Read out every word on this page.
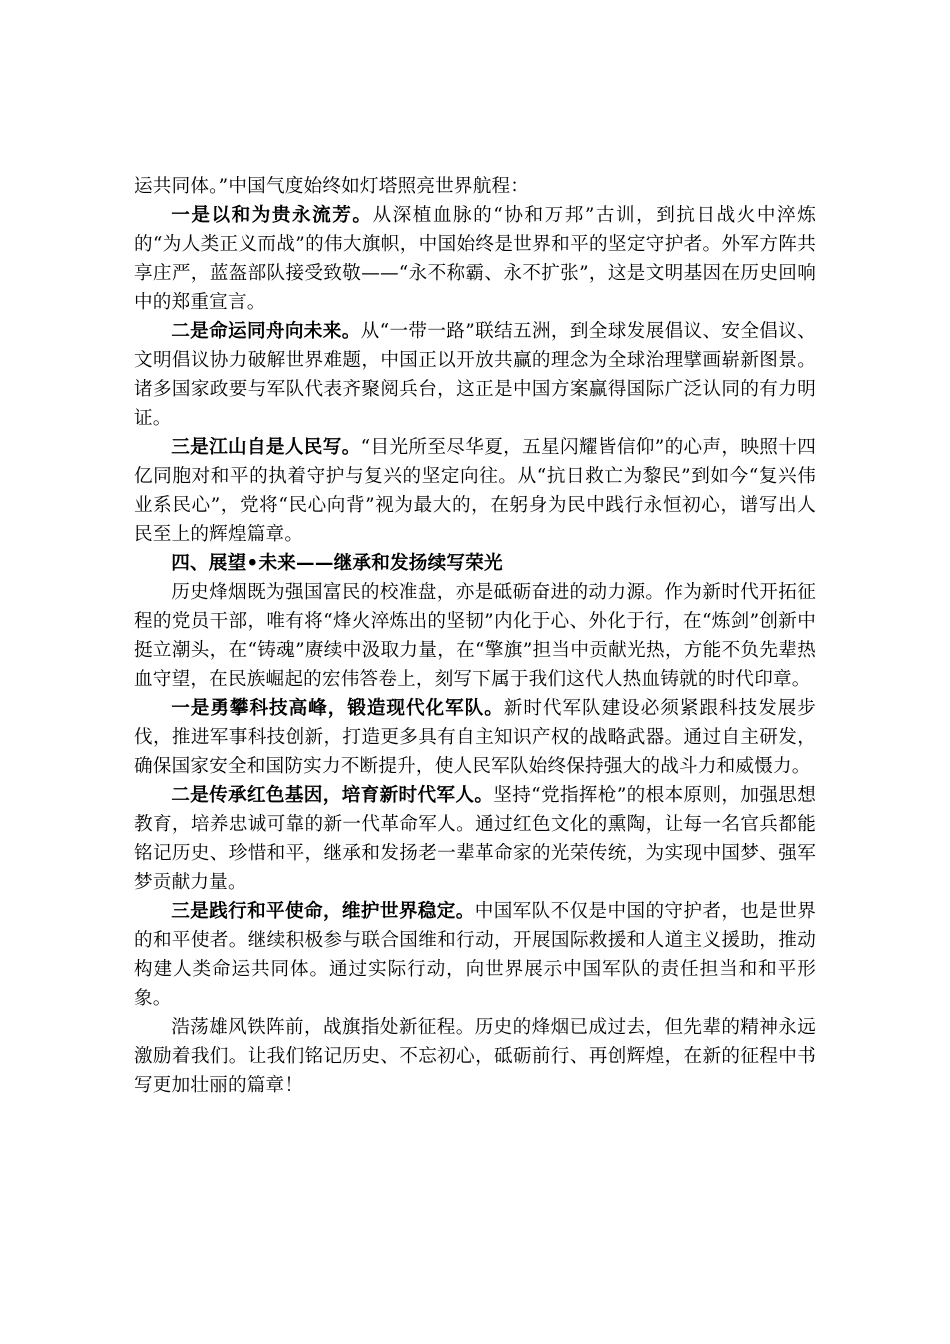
运共同体。”中国气度始终如灯塔照亮世界航程：

一是以和为贵永流芳。从深植血脉的“协和万邦”古训，到抗日战火中淬炼的“为人类正义而战”的伟大旗帜，中国始终是世界和平的坚定守护者。外军方阵共享庄严，蓝盔部队接受致敬——“永不称霸、永不扩张”，这是文明基因在历史回响中的郑重宣言。

二是命运同舟向未来。从“一带一路”联结五洲，到全球发展倡议、安全倡议、文明倡议协力破解世界难题，中国正以开放共赢的理念为全球治理擘画崭新图景。诸多国家政要与军队代表齐聚阅兵台，这正是中国方案赢得国际广泛认同的有力明证。

三是江山自是人民写。“目光所至尽华夏，五星闪耀皆信仰”的心声，映照十四亿同胞对和平的执着守护与复兴的坚定向往。从“抗日救亡为黎民”到如今“复兴伟业系民心”，党将“民心向背”视为最大的，在躬身为民中践行永恒初心，谱写出人民至上的辉煌篇章。

四、展望•未来——继承和发扬续写荣光

历史烽烟既为强国富民的校准盘，亦是砥砺奋进的动力源。作为新时代开拓征程的党员干部，唯有将“烽火淬炼出的坚韧”内化于心、外化于行，在“炼剑”创新中挺立潮头，在“铸魂”赓续中汲取力量，在“擎旗”担当中贡献光热，方能不负先辈热血守望，在民族崛起的宏伟答卷上，刻写下属于我们这代人热血铸就的时代印章。

一是勇攀科技高峰，锻造现代化军队。新时代军队建设必须紧跟科技发展步伐，推进军事科技创新，打造更多具有自主知识产权的战略武器。通过自主研发，确保国家安全和国防实力不断提升，使人民军队始终保持强大的战斗力和威慑力。

二是传承红色基因，培育新时代军人。坚持“党指挥枪”的根本原则，加强思想教育，培养忠诚可靠的新一代革命军人。通过红色文化的熏陶，让每一名官兵都能铭记历史、珍惜和平，继承和发扬老一辈革命家的光荣传统，为实现中国梦、强军梦贡献力量。

三是践行和平使命，维护世界稳定。中国军队不仅是中国的守护者，也是世界的和平使者。继续积极参与联合国维和行动，开展国际救援和人道主义援助，推动构建人类命运共同体。通过实际行动，向世界展示中国军队的责任担当和和平形象。

浩荡雄风铁阵前，战旗指处新征程。历史的烽烟已成过去，但先辈的精神永远激励着我们。让我们铭记历史、不忘初心，砥砺前行、再创辉煌，在新的征程中书写更加壮丽的篇章！
